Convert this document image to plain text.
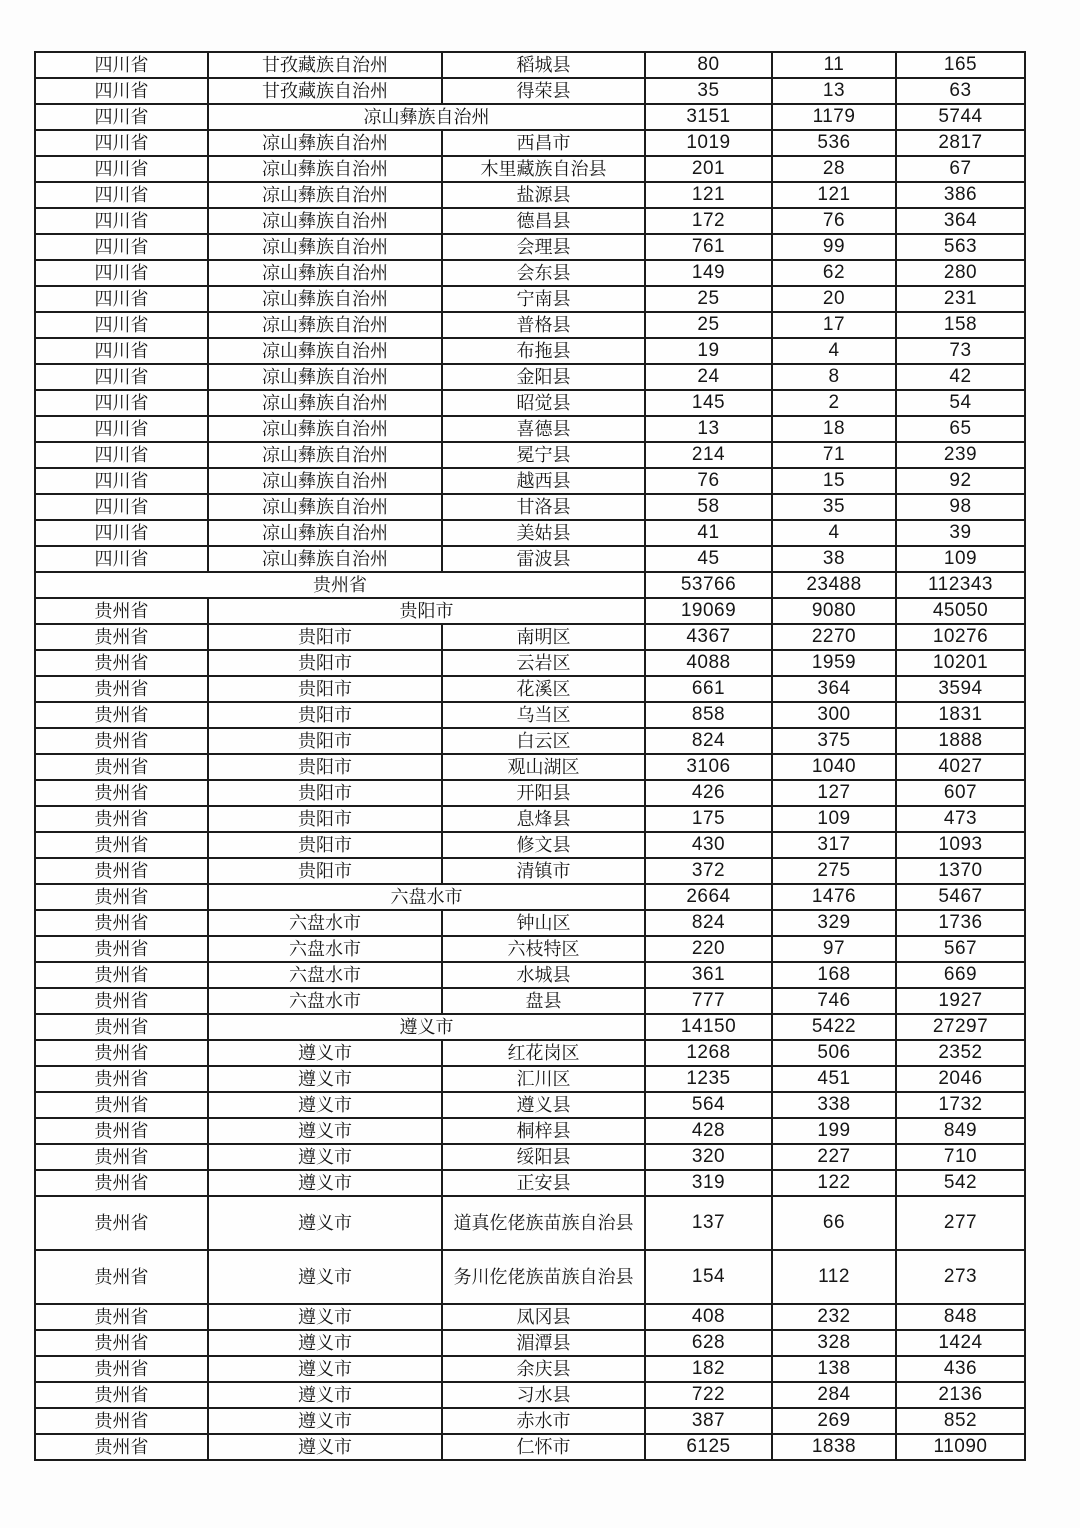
四川省	甘孜藏族自治州	稻城县	80	11	165
四川省	甘孜藏族自治州	得荣县	35	13	63
四川省	凉山彝族自治州		3151	1179	5744
四川省	凉山彝族自治州	西昌市	1019	536	2817
四川省	凉山彝族自治州	木里藏族自治县	201	28	67
四川省	凉山彝族自治州	盐源县	121	121	386
四川省	凉山彝族自治州	德昌县	172	76	364
四川省	凉山彝族自治州	会理县	761	99	563
四川省	凉山彝族自治州	会东县	149	62	280
四川省	凉山彝族自治州	宁南县	25	20	231
四川省	凉山彝族自治州	普格县	25	17	158
四川省	凉山彝族自治州	布拖县	19	4	73
四川省	凉山彝族自治州	金阳县	24	8	42
四川省	凉山彝族自治州	昭觉县	145	2	54
四川省	凉山彝族自治州	喜德县	13	18	65
四川省	凉山彝族自治州	冕宁县	214	71	239
四川省	凉山彝族自治州	越西县	76	15	92
四川省	凉山彝族自治州	甘洛县	58	35	98
四川省	凉山彝族自治州	美姑县	41	4	39
四川省	凉山彝族自治州	雷波县	45	38	109
贵州省			53766	23488	112343
贵州省	贵阳市		19069	9080	45050
贵州省	贵阳市	南明区	4367	2270	10276
贵州省	贵阳市	云岩区	4088	1959	10201
贵州省	贵阳市	花溪区	661	364	3594
贵州省	贵阳市	乌当区	858	300	1831
贵州省	贵阳市	白云区	824	375	1888
贵州省	贵阳市	观山湖区	3106	1040	4027
贵州省	贵阳市	开阳县	426	127	607
贵州省	贵阳市	息烽县	175	109	473
贵州省	贵阳市	修文县	430	317	1093
贵州省	贵阳市	清镇市	372	275	1370
贵州省	六盘水市		2664	1476	5467
贵州省	六盘水市	钟山区	824	329	1736
贵州省	六盘水市	六枝特区	220	97	567
贵州省	六盘水市	水城县	361	168	669
贵州省	六盘水市	盘县	777	746	1927
贵州省	遵义市		14150	5422	27297
贵州省	遵义市	红花岗区	1268	506	2352
贵州省	遵义市	汇川区	1235	451	2046
贵州省	遵义市	遵义县	564	338	1732
贵州省	遵义市	桐梓县	428	199	849
贵州省	遵义市	绥阳县	320	227	710
贵州省	遵义市	正安县	319	122	542
贵州省	遵义市	道真仡佬族苗族自治县	137	66	277
贵州省	遵义市	务川仡佬族苗族自治县	154	112	273
贵州省	遵义市	凤冈县	408	232	848
贵州省	遵义市	湄潭县	628	328	1424
贵州省	遵义市	余庆县	182	138	436
贵州省	遵义市	习水县	722	284	2136
贵州省	遵义市	赤水市	387	269	852
贵州省	遵义市	仁怀市	6125	1838	11090
